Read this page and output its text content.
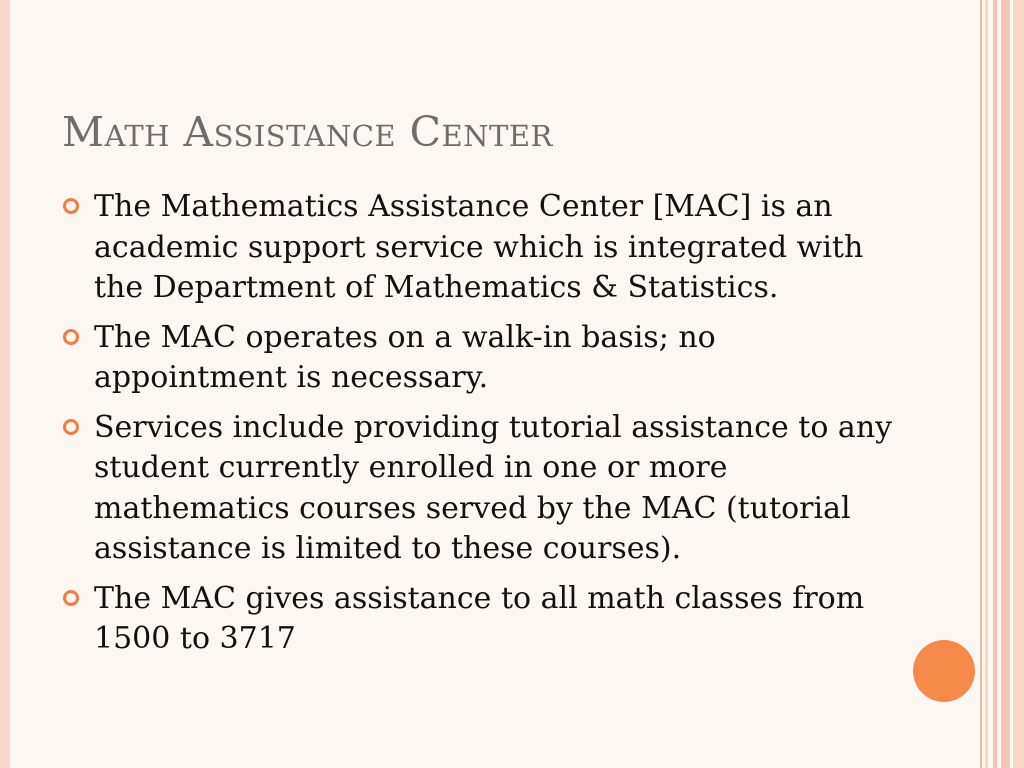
Math Assistance Center
The Mathematics Assistance Center [MAC] is an academic support service which is integrated with the Department of Mathematics & Statistics.
The MAC operates on a walk-in basis; no appointment is necessary.
Services include providing tutorial assistance to any student currently enrolled in one or more mathematics courses served by the MAC (tutorial assistance is limited to these courses).
The MAC gives assistance to all math classes from 1500 to 3717
